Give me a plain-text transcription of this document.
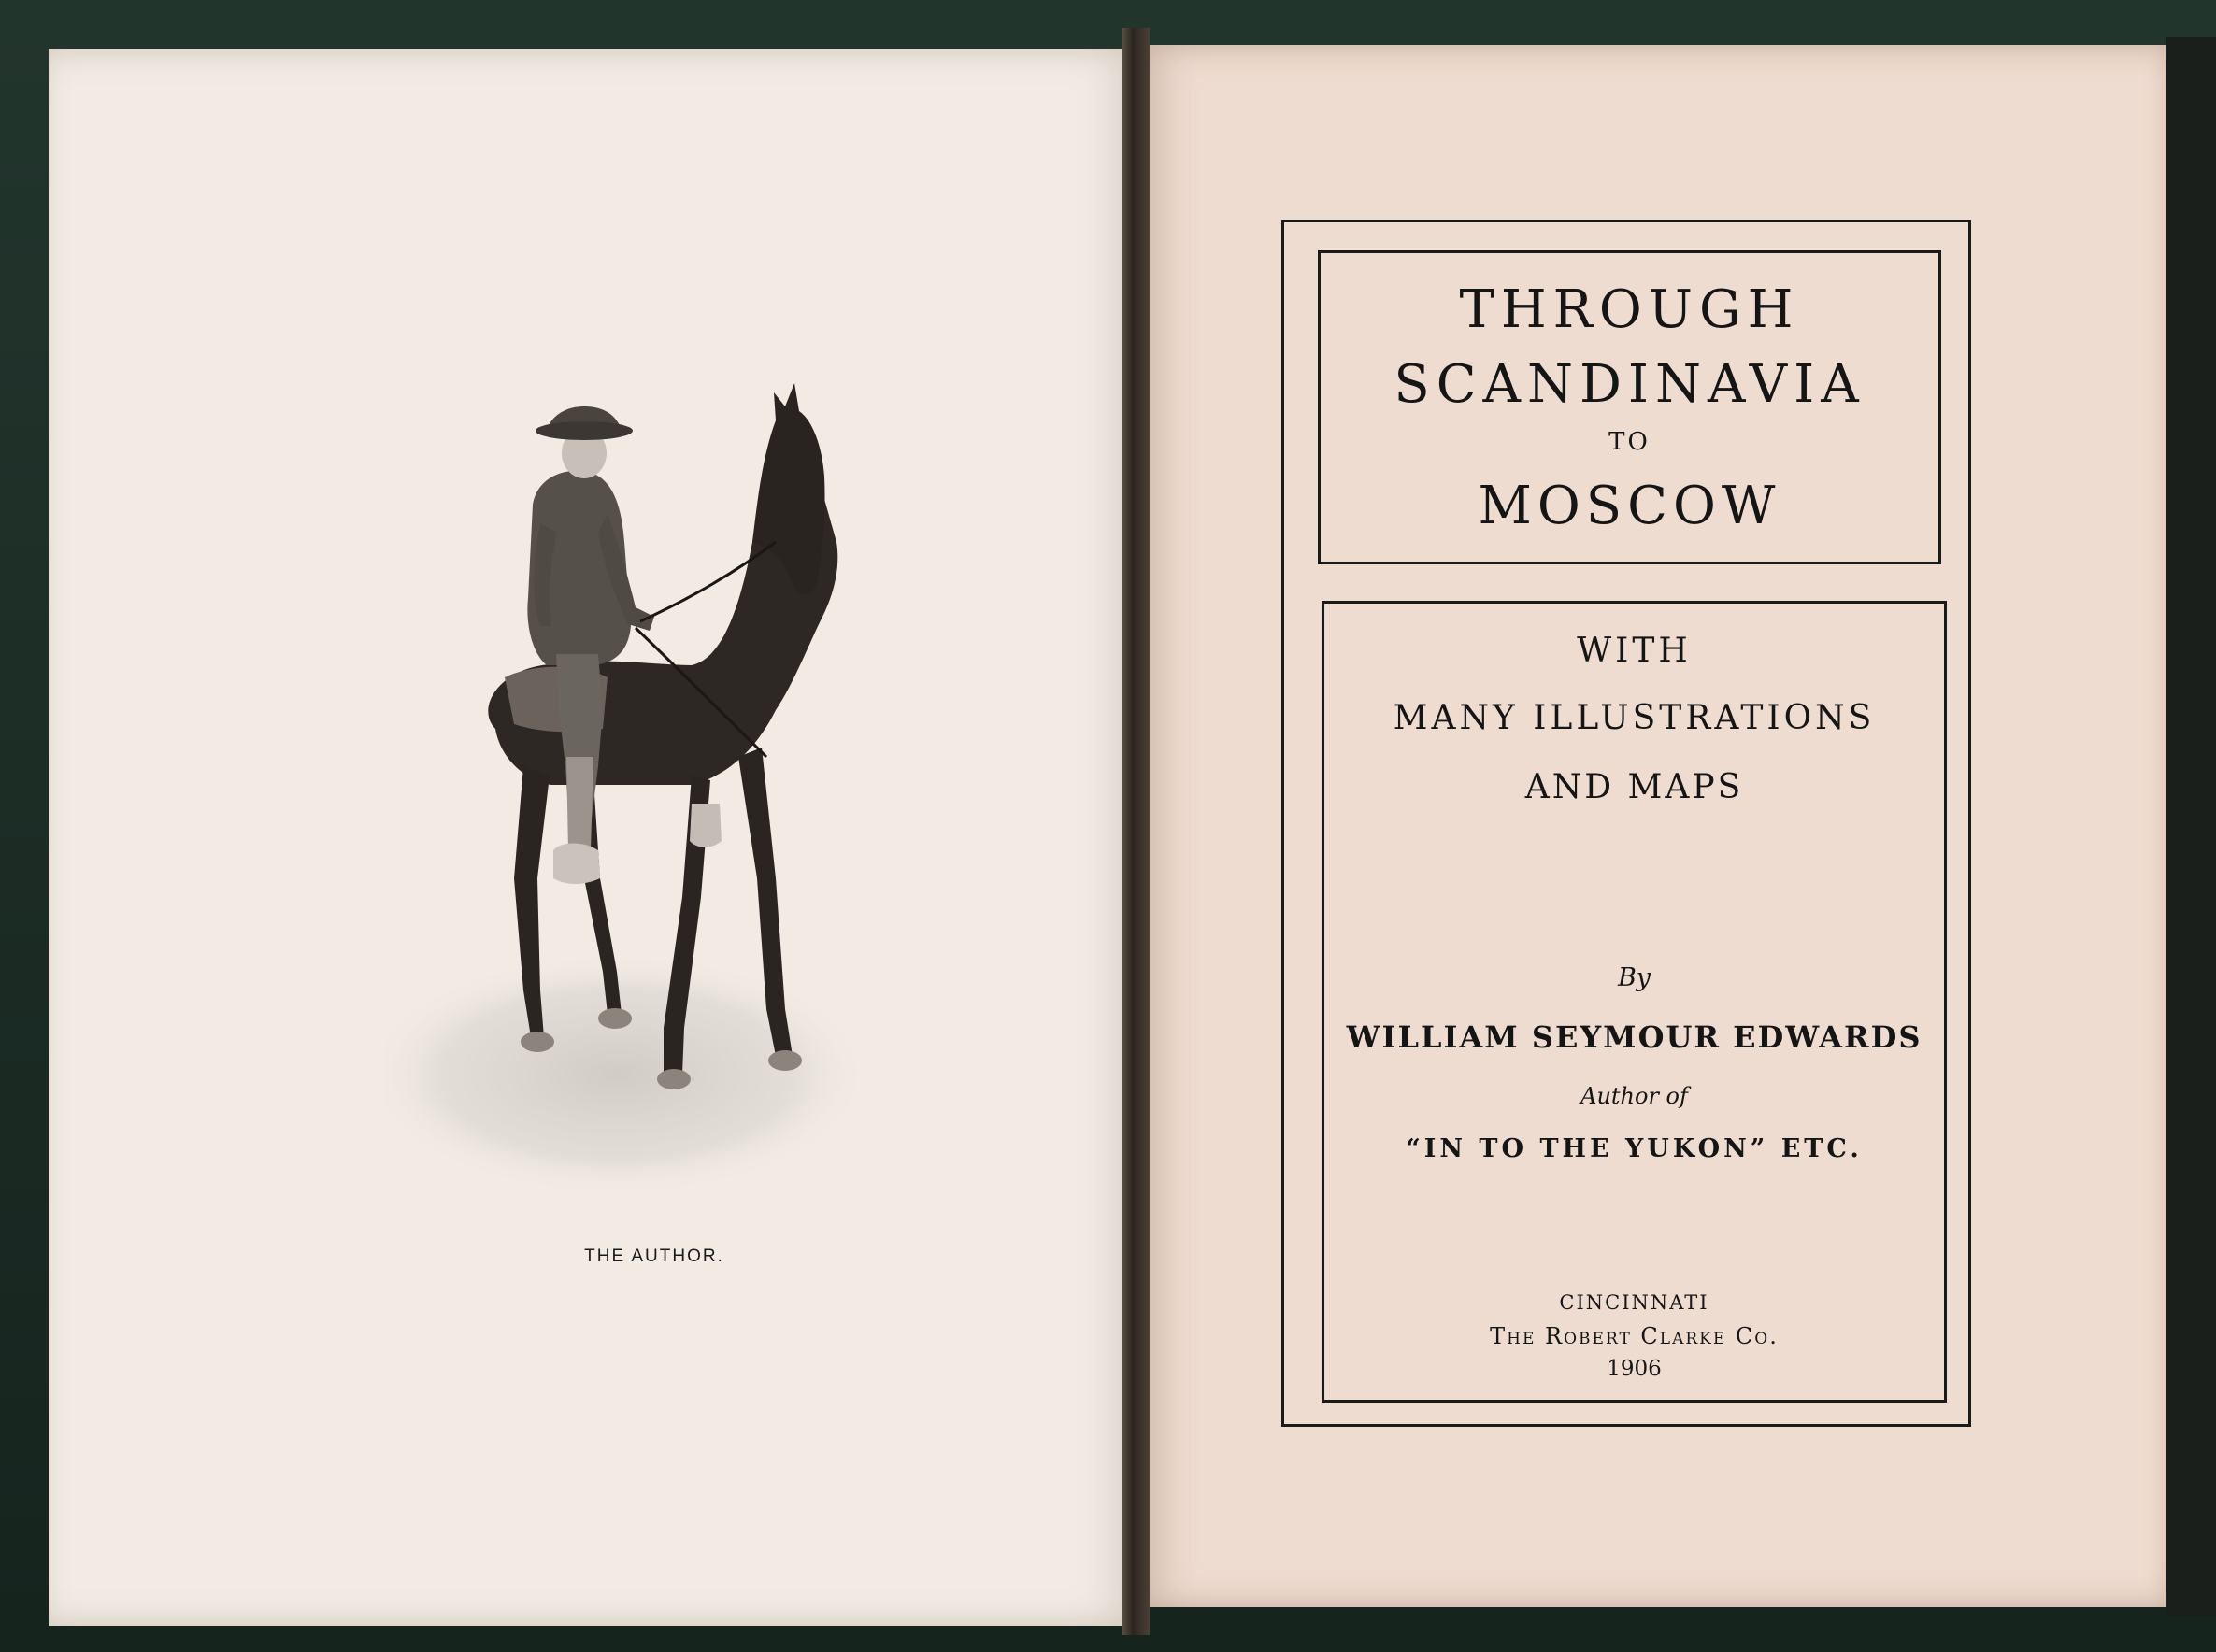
THE AUTHOR.
THROUGH
SCANDINAVIA
TO
MOSCOW
WITH
MANY ILLUSTRATIONS
AND MAPS
By
WILLIAM SEYMOUR EDWARDS
Author of
“IN TO THE YUKON” ETC.
CINCINNATI
The Robert Clarke Co.
1906
